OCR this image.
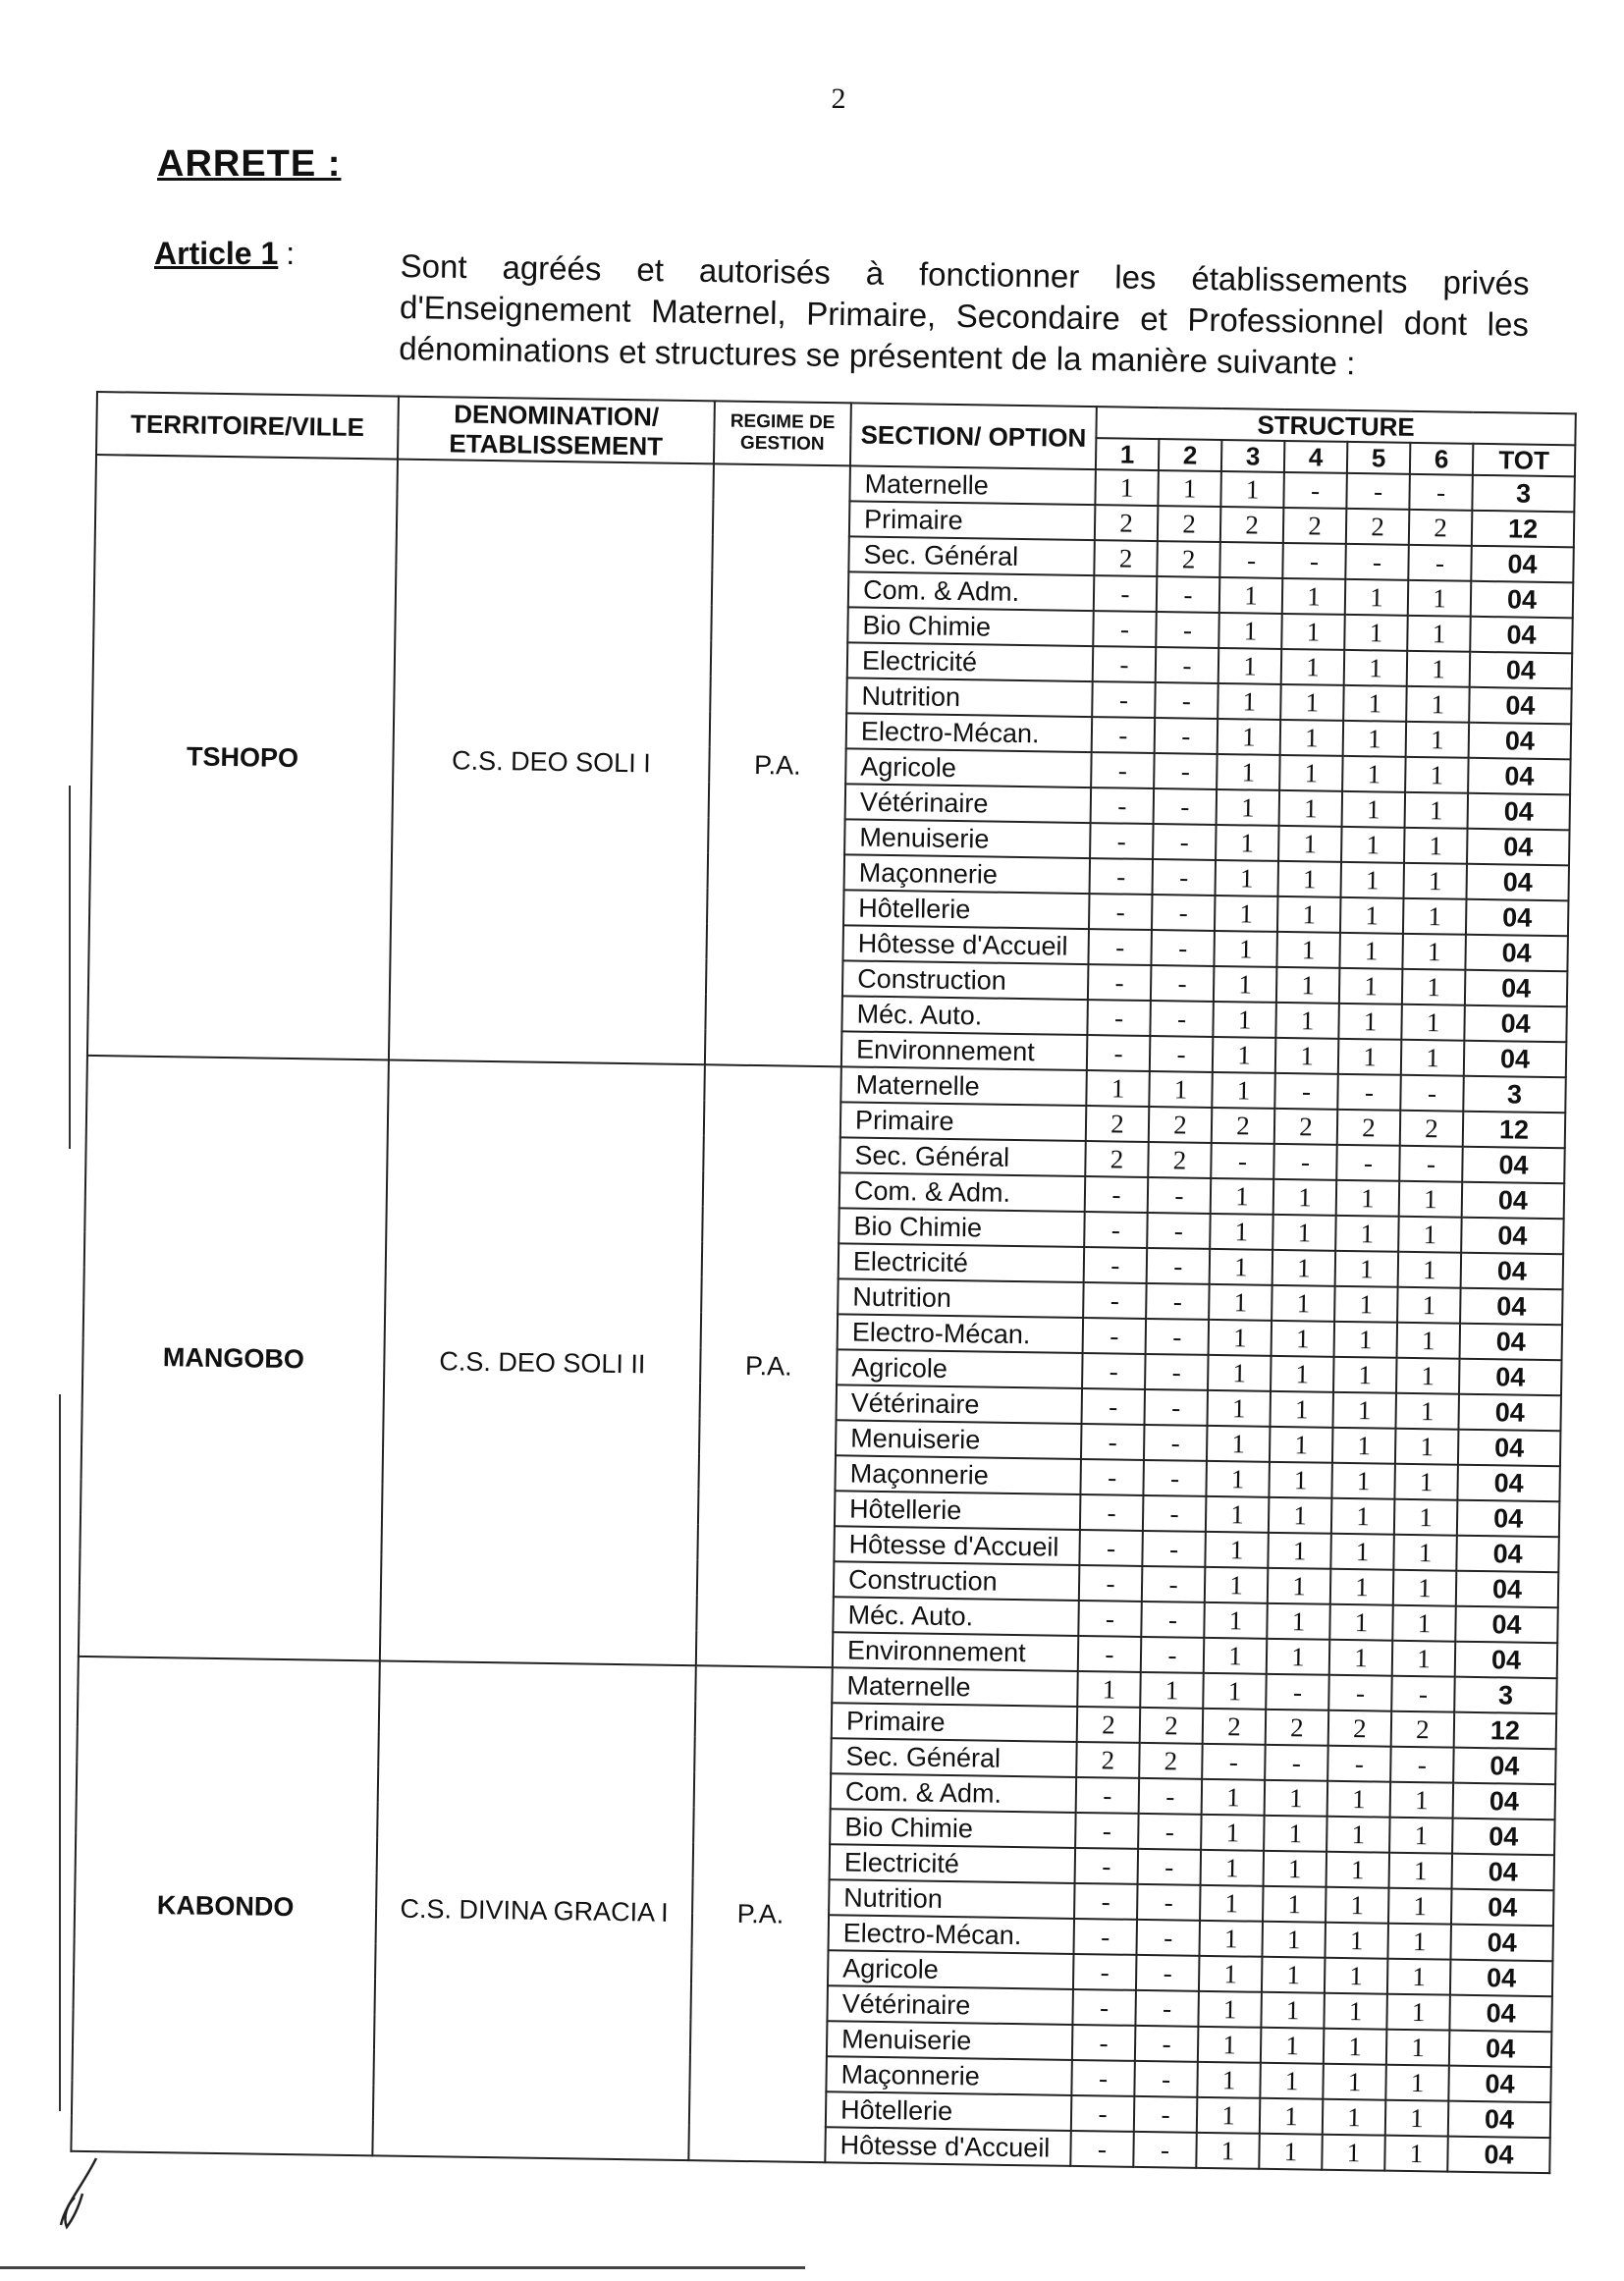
2
ARRETE :
Article 1 :	Sont agréés et autorisés à fonctionner les établissements privés d'Enseignement Maternel, Primaire, Secondaire et Professionnel dont les dénominations et structures se présentent de la manière suivante :
TERRITOIRE/VILLE	DENOMINATION/ ETABLISSEMENT	REGIME DE GESTION	SECTION/ OPTION	STRUCTURE						
				1	2	3	4	5	6	TOT
TSHOPO	C.S. DEO SOLI I	P.A.	Maternelle	1	1	1	-	-	-	3
			Primaire	2	2	2	2	2	2	12
			Sec. Général	2	2	-	-	-	-	04
			Com. & Adm.	-	-	1	1	1	1	04
			Bio Chimie	-	-	1	1	1	1	04
			Electricité	-	-	1	1	1	1	04
			Nutrition	-	-	1	1	1	1	04
			Electro-Mécan.	-	-	1	1	1	1	04
			Agricole	-	-	1	1	1	1	04
			Vétérinaire	-	-	1	1	1	1	04
			Menuiserie	-	-	1	1	1	1	04
			Maçonnerie	-	-	1	1	1	1	04
			Hôtellerie	-	-	1	1	1	1	04
			Hôtesse d'Accueil	-	-	1	1	1	1	04
			Construction	-	-	1	1	1	1	04
			Méc. Auto.	-	-	1	1	1	1	04
			Environnement	-	-	1	1	1	1	04
MANGOBO	C.S. DEO SOLI II	P.A.	Maternelle	1	1	1	-	-	-	3
			Primaire	2	2	2	2	2	2	12
			Sec. Général	2	2	-	-	-	-	04
			Com. & Adm.	-	-	1	1	1	1	04
			Bio Chimie	-	-	1	1	1	1	04
			Electricité	-	-	1	1	1	1	04
			Nutrition	-	-	1	1	1	1	04
			Electro-Mécan.	-	-	1	1	1	1	04
			Agricole	-	-	1	1	1	1	04
			Vétérinaire	-	-	1	1	1	1	04
			Menuiserie	-	-	1	1	1	1	04
			Maçonnerie	-	-	1	1	1	1	04
			Hôtellerie	-	-	1	1	1	1	04
			Hôtesse d'Accueil	-	-	1	1	1	1	04
			Construction	-	-	1	1	1	1	04
			Méc. Auto.	-	-	1	1	1	1	04
			Environnement	-	-	1	1	1	1	04
KABONDO	C.S. DIVINA GRACIA I	P.A.	Maternelle	1	1	1	-	-	-	3
			Primaire	2	2	2	2	2	2	12
			Sec. Général	2	2	-	-	-	-	04
			Com. & Adm.	-	-	1	1	1	1	04
			Bio Chimie	-	-	1	1	1	1	04
			Electricité	-	-	1	1	1	1	04
			Nutrition	-	-	1	1	1	1	04
			Electro-Mécan.	-	-	1	1	1	1	04
			Agricole	-	-	1	1	1	1	04
			Vétérinaire	-	-	1	1	1	1	04
			Menuiserie	-	-	1	1	1	1	04
			Maçonnerie	-	-	1	1	1	1	04
			Hôtellerie	-	-	1	1	1	1	04
			Hôtesse d'Accueil	-	-	1	1	1	1	04
